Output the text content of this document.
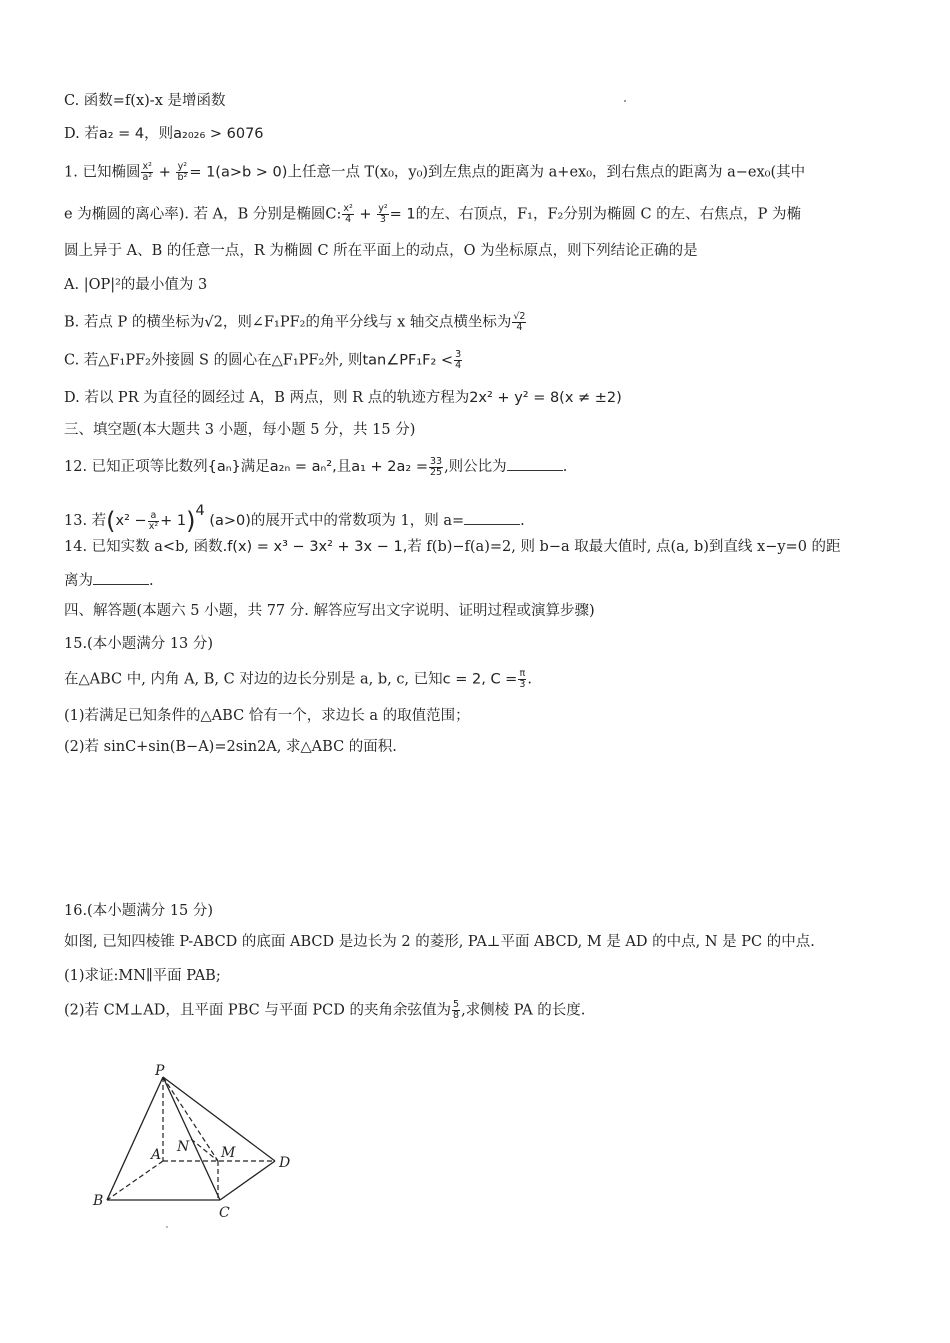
C. 函数=f(x)-x 是增函数
D. 若a₂ = 4，则a₂₀₂₆ > 6076
1. 已知椭圆 $\frac{\text{x²}}{\text{a²}} + \frac{\text{y²}}{\text{b²}} = 1(a>b > 0)$上任意一点 T(x₀，y₀)到左焦点的距离为 a+ex₀，到右焦点的距离为 a−ex₀(其中
e 为椭圆的离心率). 若 A，B 分别是椭圆C: $\frac{\text{x²}}{4} + \frac{\text{y²}}{3} = 1$的左、右顶点，F₁，F₂分别为椭圆 C 的左、右焦点，P 为椭
圆上异于 A、B 的任意一点，R 为椭圆 C 所在平面上的动点，O 为坐标原点，则下列结论正确的是
A. |OP|²的最小值为 3
B. 若点 P 的横坐标为√2，则∠F₁PF₂的角平分线与 x 轴交点横坐标为 $\frac{√2}{4}$
C. 若△F₁PF₂外接圆 S 的圆心在△F₁PF₂外, 则tan∠PF₁F₂ < $\frac{3}{4}$
D. 若以 PR 为直径的圆经过 A，B 两点，则 R 点的轨迹方程为2x² + y² = 8(x ≠ ±2)
三、填空题(本大题共 3 小题，每小题 5 分，共 15 分)
12. 已知正项等比数列{aₙ}满足a₂ₙ = aₙ²,且$a_1 + 2a_2 = \frac{33}{25}$ ,则公比为	.
13. 若$(x^2 - \frac{a}{\text{x²}} + 1)^4$ (a>0)的展开式中的常数项为 1，则 a=	.
14. 已知实数 a<b, 函数.f(x) = x³ − 3x² + 3x − 1,若 f(b)−f(a)=2, 则 b−a 取最大值时, 点(a, b)到直线 x−y=0 的距
离为	.
四、解答题(本题六 5 小题，共 77 分. 解答应写出文字说明、证明过程或演算步骤)
15.(本小题满分 13 分)
在△ABC 中, 内角 A, B, C 对边的边长分别是 a, b, c, 已知c = 2, $C = \frac{\pi}{3}$ .
(1)若满足已知条件的△ABC 恰有一个，求边长 a 的取值范围；
(2)若 sinC+sin(B−A)=2sin2A, 求△ABC 的面积.
16.(本小题满分 15 分)
如图, 已知四棱锥 P-ABCD 的底面 ABCD 是边长为 2 的菱形, PA⊥平面 ABCD, M 是 AD 的中点, N 是 PC 的中点.
(1)求证:MN∥平面 PAB;
(2)若 CM⊥AD，且平面 PBC 与平面 PCD 的夹角余弦值为 $\frac{5}{8}$ ,求侧棱 PA 的长度.
P
A
B
C
D
M
N
